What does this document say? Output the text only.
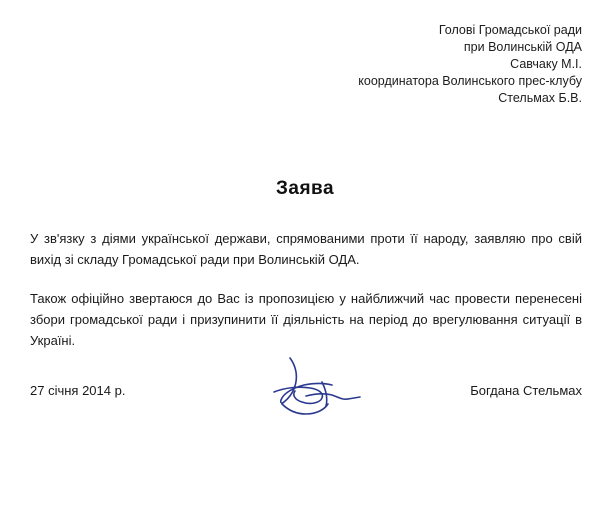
Голові Громадської ради
при Волинській ОДА
Савчаку М.І.
координатора Волинського прес-клубу
Стельмах Б.В.
Заява

У зв'язку з діями української держави, спрямованими проти її народу, заявляю про свій вихід зі складу Громадської ради при Волинській ОДА.

Також офіційно звертаюся до Вас із пропозицією у найближчий час провести перенесені збори громадської ради і призупинити її діяльність на період до врегулювання ситуації в Україні.

27 січня 2014 р.	Богдана Стельмах
